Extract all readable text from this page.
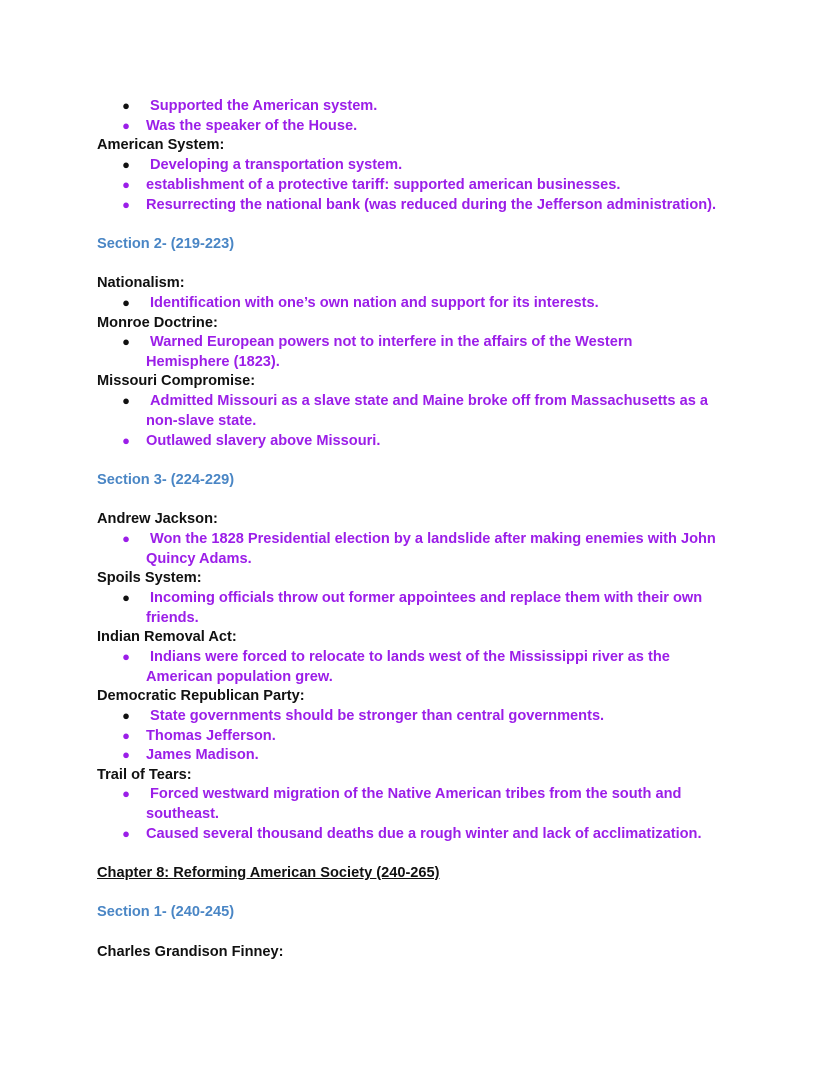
● Supported the American system.
● Was the speaker of the House.
American System:
● Developing a transportation system.
● establishment of a protective tariff: supported american businesses.
● Resurrecting the national bank (was reduced during the Jefferson administration).
Section 2- (219-223)
Nationalism:
● Identification with one’s own nation and support for its interests.
Monroe Doctrine:
● Warned European powers not to interfere in the affairs of the Western
Hemisphere (1823).
Missouri Compromise:
● Admitted Missouri as a slave state and Maine broke off from Massachusetts as a
non-slave state.
● Outlawed slavery above Missouri.
Section 3- (224-229)
Andrew Jackson:
● Won the 1828 Presidential election by a landslide after making enemies with John
Quincy Adams.
Spoils System:
● Incoming officials throw out former appointees and replace them with their own
friends.
Indian Removal Act:
● Indians were forced to relocate to lands west of the Mississippi river as the
American population grew.
Democratic Republican Party:
● State governments should be stronger than central governments.
● Thomas Jefferson.
● James Madison.
Trail of Tears:
● Forced westward migration of the Native American tribes from the south and
southeast.
● Caused several thousand deaths due a rough winter and lack of acclimatization.
Chapter 8: Reforming American Society (240-265)
Section 1- (240-245)
Charles Grandison Finney:
